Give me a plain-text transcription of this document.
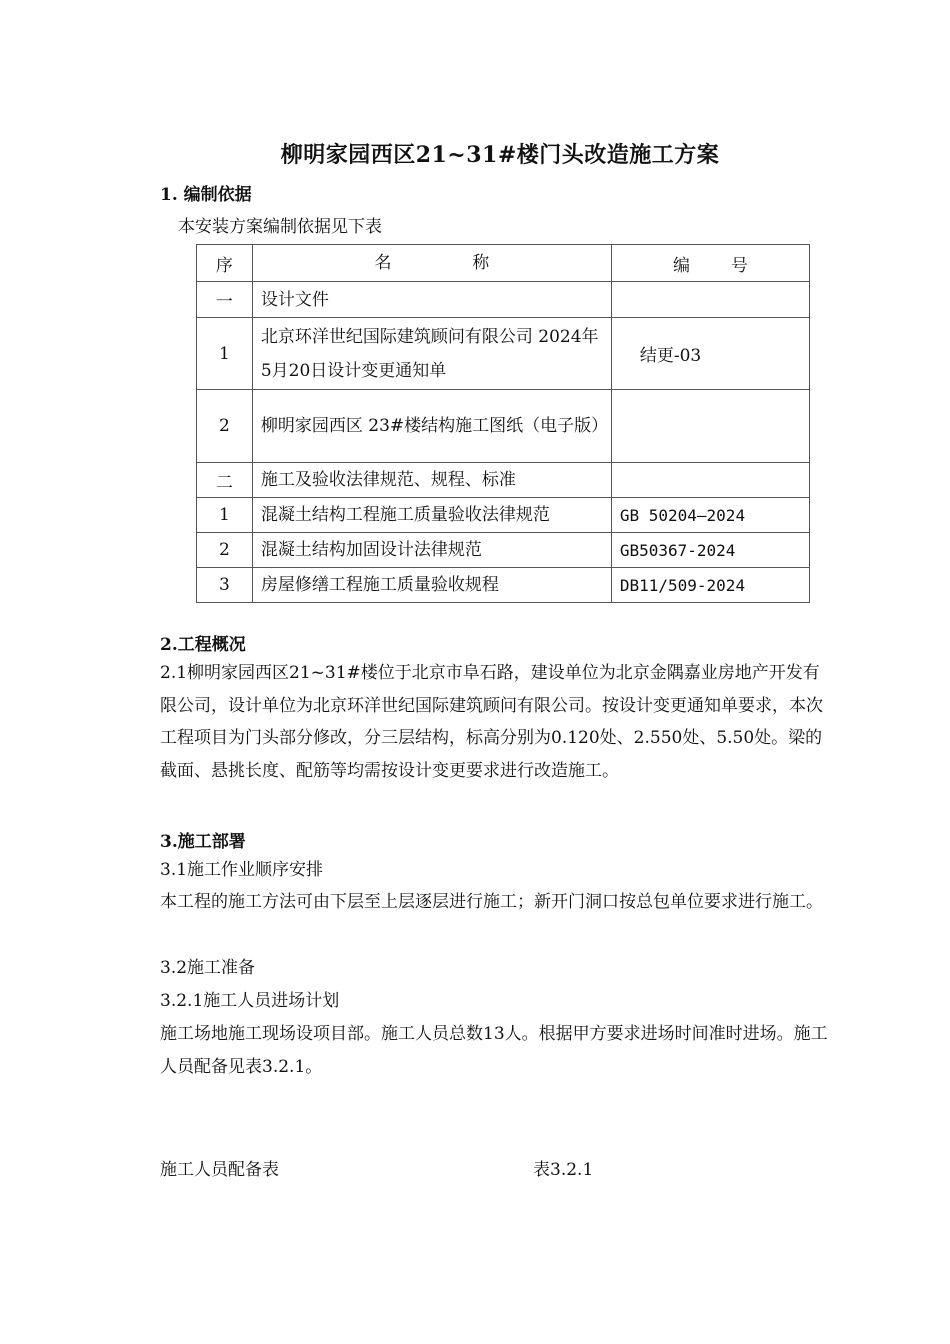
柳明家园西区21~31#楼门头改造施工方案
1. 编制依据
本安装方案编制依据见下表
序	名 称	编 号
一	设计文件	
1	北京环洋世纪国际建筑顾问有限公司 2024年5月20日设计变更通知单	结更-03
2	柳明家园西区 23#楼结构施工图纸（电子版）	
二	施工及验收法律规范、规程、标准	
1	混凝土结构工程施工质量验收法律规范	GB 50204—2024
2	混凝土结构加固设计法律规范	GB50367-2024
3	房屋修缮工程施工质量验收规程	DB11/509-2024
2.工程概况
2.1柳明家园西区21~31#楼位于北京市阜石路，建设单位为北京金隅嘉业房地产开发有限公司，设计单位为北京环洋世纪国际建筑顾问有限公司。按设计变更通知单要求，本次工程项目为门头部分修改，分三层结构，标高分别为0.120处、2.550处、5.50处。梁的截面、悬挑长度、配筋等均需按设计变更要求进行改造施工。
3.施工部署
3.1施工作业顺序安排
本工程的施工方法可由下层至上层逐层进行施工；新开门洞口按总包单位要求进行施工。
3.2施工准备
3.2.1施工人员进场计划
施工场地施工现场设项目部。施工人员总数13人。根据甲方要求进场时间准时进场。施工人员配备见表3.2.1。
施工人员配备表	表3.2.1
